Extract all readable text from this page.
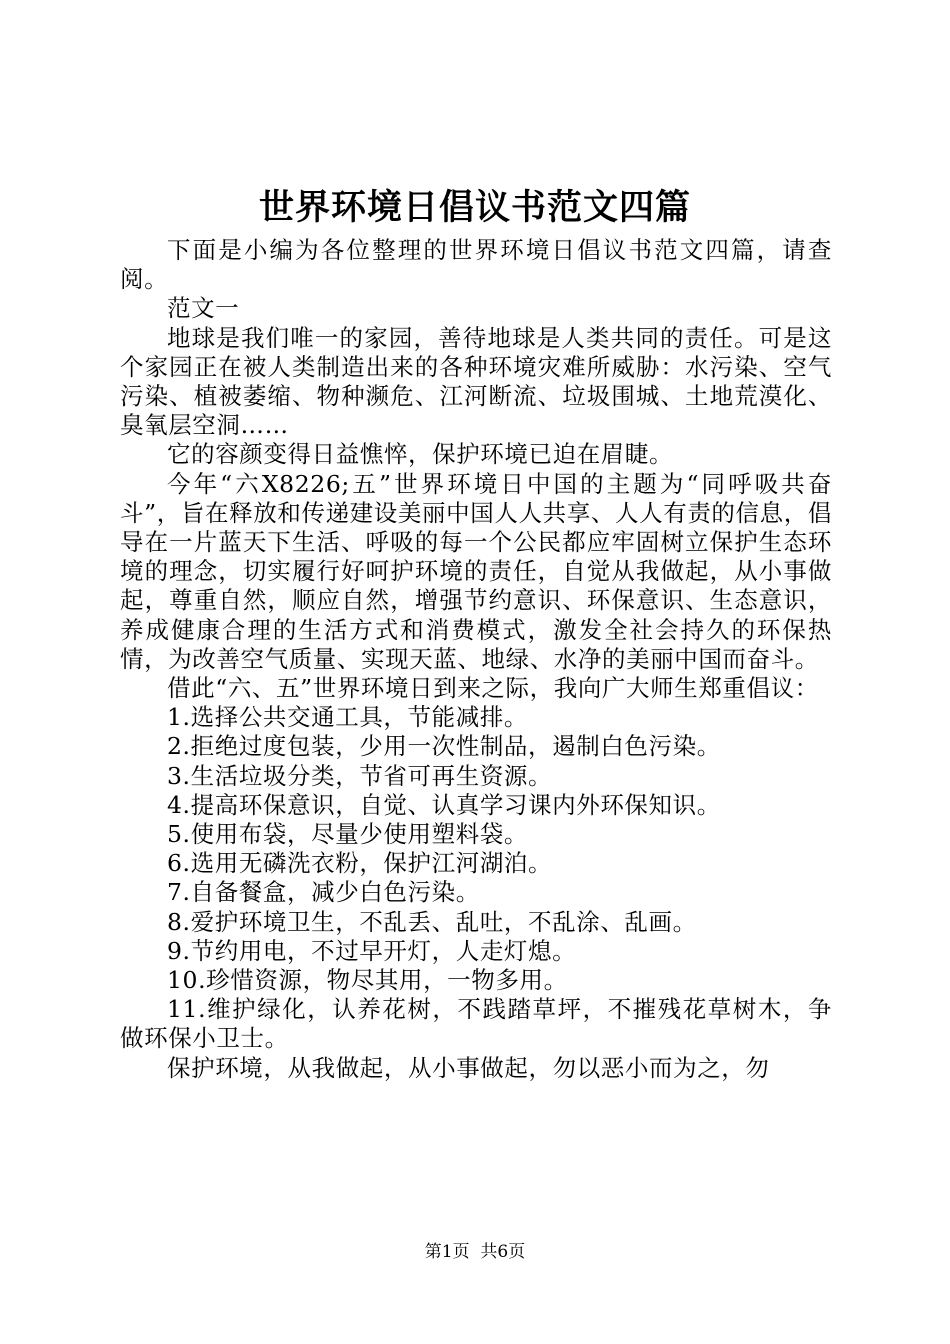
世界环境日倡议书范文四篇

下面是小编为各位整理的世界环境日倡议书范文四篇，请查阅。

范文一

地球是我们唯一的家园，善待地球是人类共同的责任。可是这个家园正在被人类制造出来的各种环境灾难所威胁：水污染、空气污染、植被萎缩、物种濒危、江河断流、垃圾围城、土地荒漠化、臭氧层空洞……

它的容颜变得日益憔悴，保护环境已迫在眉睫。

今年“六X8226;五”世界环境日中国的主题为“同呼吸共奋斗”，旨在释放和传递建设美丽中国人人共享、人人有责的信息，倡导在一片蓝天下生活、呼吸的每一个公民都应牢固树立保护生态环境的理念，切实履行好呵护环境的责任，自觉从我做起，从小事做起，尊重自然，顺应自然，增强节约意识、环保意识、生态意识，养成健康合理的生活方式和消费模式，激发全社会持久的环保热情，为改善空气质量、实现天蓝、地绿、水净的美丽中国而奋斗。

借此“六、五”世界环境日到来之际，我向广大师生郑重倡议：

1.选择公共交通工具，节能减排。

2.拒绝过度包装，少用一次性制品，遏制白色污染。

3.生活垃圾分类，节省可再生资源。

4.提高环保意识，自觉、认真学习课内外环保知识。

5.使用布袋，尽量少使用塑料袋。

6.选用无磷洗衣粉，保护江河湖泊。

7.自备餐盒，减少白色污染。

8.爱护环境卫生，不乱丢、乱吐，不乱涂、乱画。

9.节约用电，不过早开灯，人走灯熄。

10.珍惜资源，物尽其用，一物多用。

11.维护绿化，认养花树，不践踏草坪，不摧残花草树木，争做环保小卫士。

保护环境，从我做起，从小事做起，勿以恶小而为之，勿

第1页  共6页
